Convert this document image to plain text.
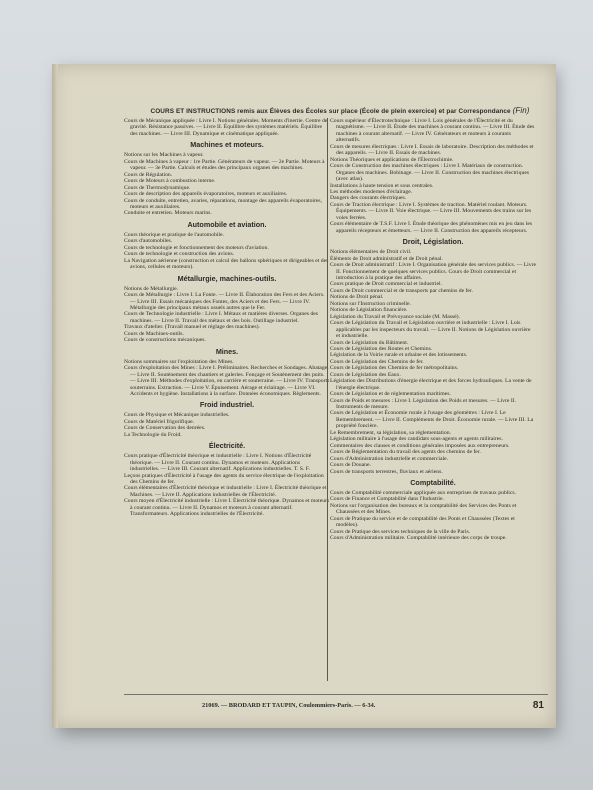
COURS ET INSTRUCTIONS remis aux Élèves des Écoles sur place (École de plein exercice) et par Correspondance (Fin)

Cours de Mécanique appliquée : Livre I. Notions générales. Moments d'inertie. Centre de gravité. Résistance passives. — Livre II. Équilibre des systèmes matériels. Équilibre des machines. — Livre III. Dynamique et cinématique appliquée.

Machines et moteurs.

Notions sur les Machines à vapeur.

Cours de Machines à vapeur : 1re Partie. Générateurs de vapeur. — 2e Partie. Moteurs à vapeur. — 3e Partie. Calculs et études des principaux organes des machines.

Cours de Régulation.

Cours de Moteurs à combustion interne.

Cours de Thermodynamique.

Cours de description des appareils évaporatoires, moteurs et auxiliaires.

Cours de conduite, entretien, avaries, réparations, montage des appareils évaporatoires, moteurs et auxiliaires.

Conduite et entretien. Moteurs marins.

Automobile et aviation.

Cours théorique et pratique de l'automobile.

Cours d'automobiles.

Cours de technologie et fonctionnement des moteurs d'aviation.

Cours de technologie et construction des avions.

La Navigation aérienne (construction et calcul des ballons sphériques et dirigeables et des avions, cellules et moteurs).

Métallurgie, machines-outils.

Notions de Métallurgie.

Cours de Métallurgie : Livre I. La Fonte. — Livre II. Élaboration des Fers et des Aciers. — Livre III. Essais mécaniques des Fontes, des Aciers et des Fers. — Livre IV. Métallurgie des principaux métaux usuels autres que le Fer.

Cours de Technologie industrielle : Livre I. Métaux et matières diverses. Organes des machines. — Livre II. Travail des métaux et des bois. Outillage industriel.

Travaux d'atelier. (Travail manuel et réglage des machines).

Cours de Machines-outils.

Cours de constructions mécaniques.

Mines.

Notions sommaires sur l'exploitation des Mines.

Cours d'exploitation des Mines : Livre I. Préliminaires. Recherches et Sondages. Abatage. — Livre II. Soutènement des chantiers et galeries. Fonçage et Soutènement des puits. — Livre III. Méthodes d'exploitation, en carrière et souterraine. — Livre IV. Transports souterrains. Extraction. — Livre V. Épuisement. Aérage et éclairage. — Livre VI. Accidents et hygiène. Installations à la surface. Données économiques. Règlements.

Froid industriel.

Cours de Physique et Mécanique industrielles.

Cours de Matériel frigorifique.

Cours de Conservation des denrées.

La Technologie du Froid.

Électricité.

Cours pratique d'Électricité théorique et industrielle : Livre I. Notions d'Électricité théorique. — Livre II. Courant continu. Dynamos et moteurs. Applications industrielles. — Livre III. Courant alternatif. Applications industrielles. T. S. F.

Leçons pratiques d'Électricité à l'usage des agents du service électrique de l'exploitation des Chemins de fer.

Cours élémentaires d'Électricité théorique et industrielle : Livre I. Électricité théorique et Machines. — Livre II. Applications industrielles de l'Électricité.

Cours moyen d'Électricité industrielle : Livre I. Électricité théorique. Dynamos et moteurs à courant continu. — Livre II. Dynamos et moteurs à courant alternatif. Transformateurs. Applications industrielles de l'Électricité.

Cours supérieur d'Électrotechnique : Livre I. Lois générales de l'Électricité et du magnétisme. — Livre II. Étude des machines à courant continu. — Livre III. Étude des machines à courant alternatif. — Livre IV. Générateurs et moteurs à courants alternatifs.

Cours de mesures électriques : Livre I. Essais de laboratoire. Description des méthodes et des appareils. — Livre II. Essais de machines.

Notions Théoriques et applications de l'Électrochimie.

Cours de Construction des machines électriques : Livre I. Matériaux de construction. Organes des machines. Bobinage. — Livre II. Construction des machines électriques (avec atlas).

Installations à haute tension et sous centrales.

Les méthodes modernes d'éclairage.

Dangers des courants électriques.

Cours de Traction électrique : Livre I. Systèmes de traction. Matériel roulant. Moteurs. Équipements. — Livre II. Voie électrique. — Livre III. Mouvements des trains sur les voies ferrées.

Cours élémentaire de T.S.F. Livre I. Étude théorique des phénomènes mis en jeu dans les appareils récepteurs et émetteurs. — Livre II. Construction des appareils récepteurs.

Droit, Législation.

Notions élémentaires de Droit civil.

Éléments de Droit administratif et de Droit pénal.

Cours de Droit administratif : Livre I. Organisation générale des services publics. — Livre II. Fonctionnement de quelques services publics. Cours de Droit commercial et introduction à la pratique des affaires.

Cours pratique de Droit commercial et industriel.

Cours de Droit commercial et de transports par chemins de fer.

Notions de Droit pénal.

Notions sur l'Instruction criminelle.

Notions de Législation financière.

Législation du Travail et Prévoyance sociale (M. Massé).

Cours de Législation du Travail et Législation ouvrière et industrielle : Livre I. Lois applicables par les inspecteurs du travail. — Livre II. Notions de Législation ouvrière et industrielle.

Cours de Législation du Bâtiment.

Cours de Législation des Routes et Chemins.

Législation de la Voirie rurale et urbaine et des lotissements.

Cours de Législation des Chemins de fer.

Cours de Législation des Chemins de fer métropolitains.

Cours de Législation des Eaux.

Législation des Distributions d'énergie électrique et des forces hydrauliques. La vente de l'énergie électrique.

Cours de Législation et de réglementation maritimes.

Cours de Poids et mesures : Livre I. Législation des Poids et mesures. — Livre II. Instruments de mesure.

Cours de Législation et Économie rurale à l'usage des géomètres : Livre I. Le Remembrement. — Livre II. Compléments de Droit. Économie rurale. — Livre III. La propriété foncière.

Le Remembrement, sa législation, sa réglementation.

Législation militaire à l'usage des candidats sous-agents et agents militaires.

Commentaires des clauses et conditions générales imposées aux entrepreneurs.

Cours de Réglementation du travail des agents des chemins de fer.

Cours d'Administration industrielle et commerciale.

Cours de Douane.

Cours de transports terrestres, fluviaux et aériens.

Comptabilité.

Cours de Comptabilité commerciale appliquée aux entreprises de travaux publics.

Cours de Finance et Comptabilité dans l'Industrie.

Notions sur l'organisation des bureaux et la comptabilité des Services des Ponts et Chaussées et des Mines.

Cours de Pratique du service et de comptabilité des Ponts et Chaussées (Textes et modèles).

Cours de Pratique des services techniques de la ville de Paris.

Cours d'Administration militaire. Comptabilité intérieure des corps de troupe.

21069. — BRODARD ET TAUPIN, Coulommiers-Paris. — 6-34.	81
